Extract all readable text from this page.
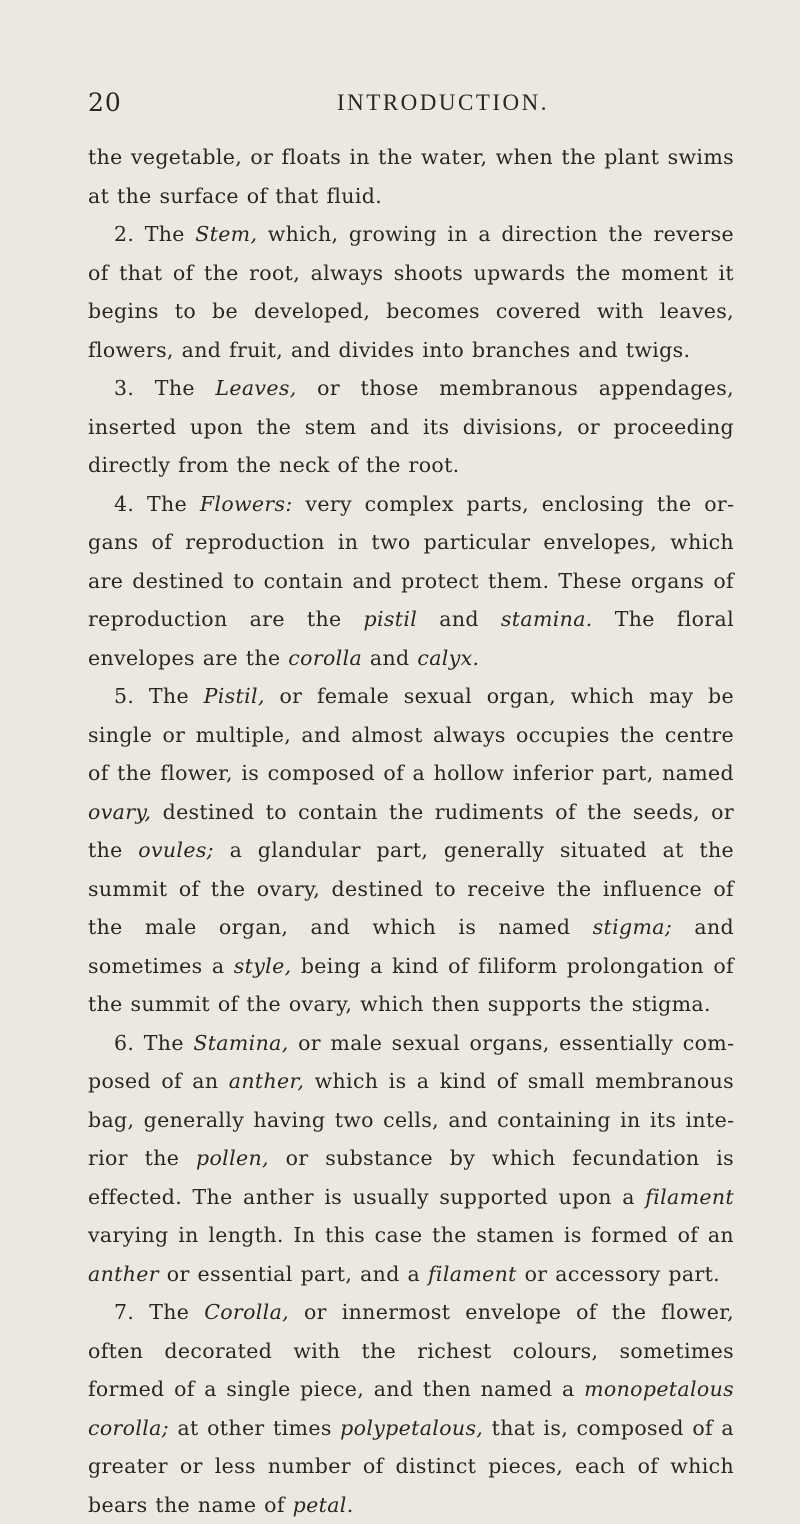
20	INTRODUCTION.

the vegetable, or floats in the water, when the plant swims at the surface of that fluid.

2. The Stem, which, growing in a direction the reverse of that of the root, always shoots upwards the moment it begins to be developed, becomes covered with leaves, flowers, and fruit, and divides into branches and twigs.

3. The Leaves, or those membranous appendages, inserted upon the stem and its divisions, or proceeding directly from the neck of the root.

4. The Flowers: very complex parts, enclosing the organs of reproduction in two particular envelopes, which are destined to contain and protect them. These organs of reproduction are the pistil and stamina. The floral envelopes are the corolla and calyx.

5. The Pistil, or female sexual organ, which may be single or multiple, and almost always occupies the centre of the flower, is composed of a hollow inferior part, named ovary, destined to contain the rudiments of the seeds, or the ovules; a glandular part, generally situated at the summit of the ovary, destined to receive the influence of the male organ, and which is named stigma; and sometimes a style, being a kind of filiform prolongation of the summit of the ovary, which then supports the stigma.

6. The Stamina, or male sexual organs, essentially composed of an anther, which is a kind of small membranous bag, generally having two cells, and containing in its interior the pollen, or substance by which fecundation is effected. The anther is usually supported upon a filament varying in length. In this case the stamen is formed of an anther or essential part, and a filament or accessory part.

7. The Corolla, or innermost envelope of the flower, often decorated with the richest colours, sometimes formed of a single piece, and then named a monopetalous corolla; at other times polypetalous, that is, composed of a greater or less number of distinct pieces, each of which bears the name of petal.
